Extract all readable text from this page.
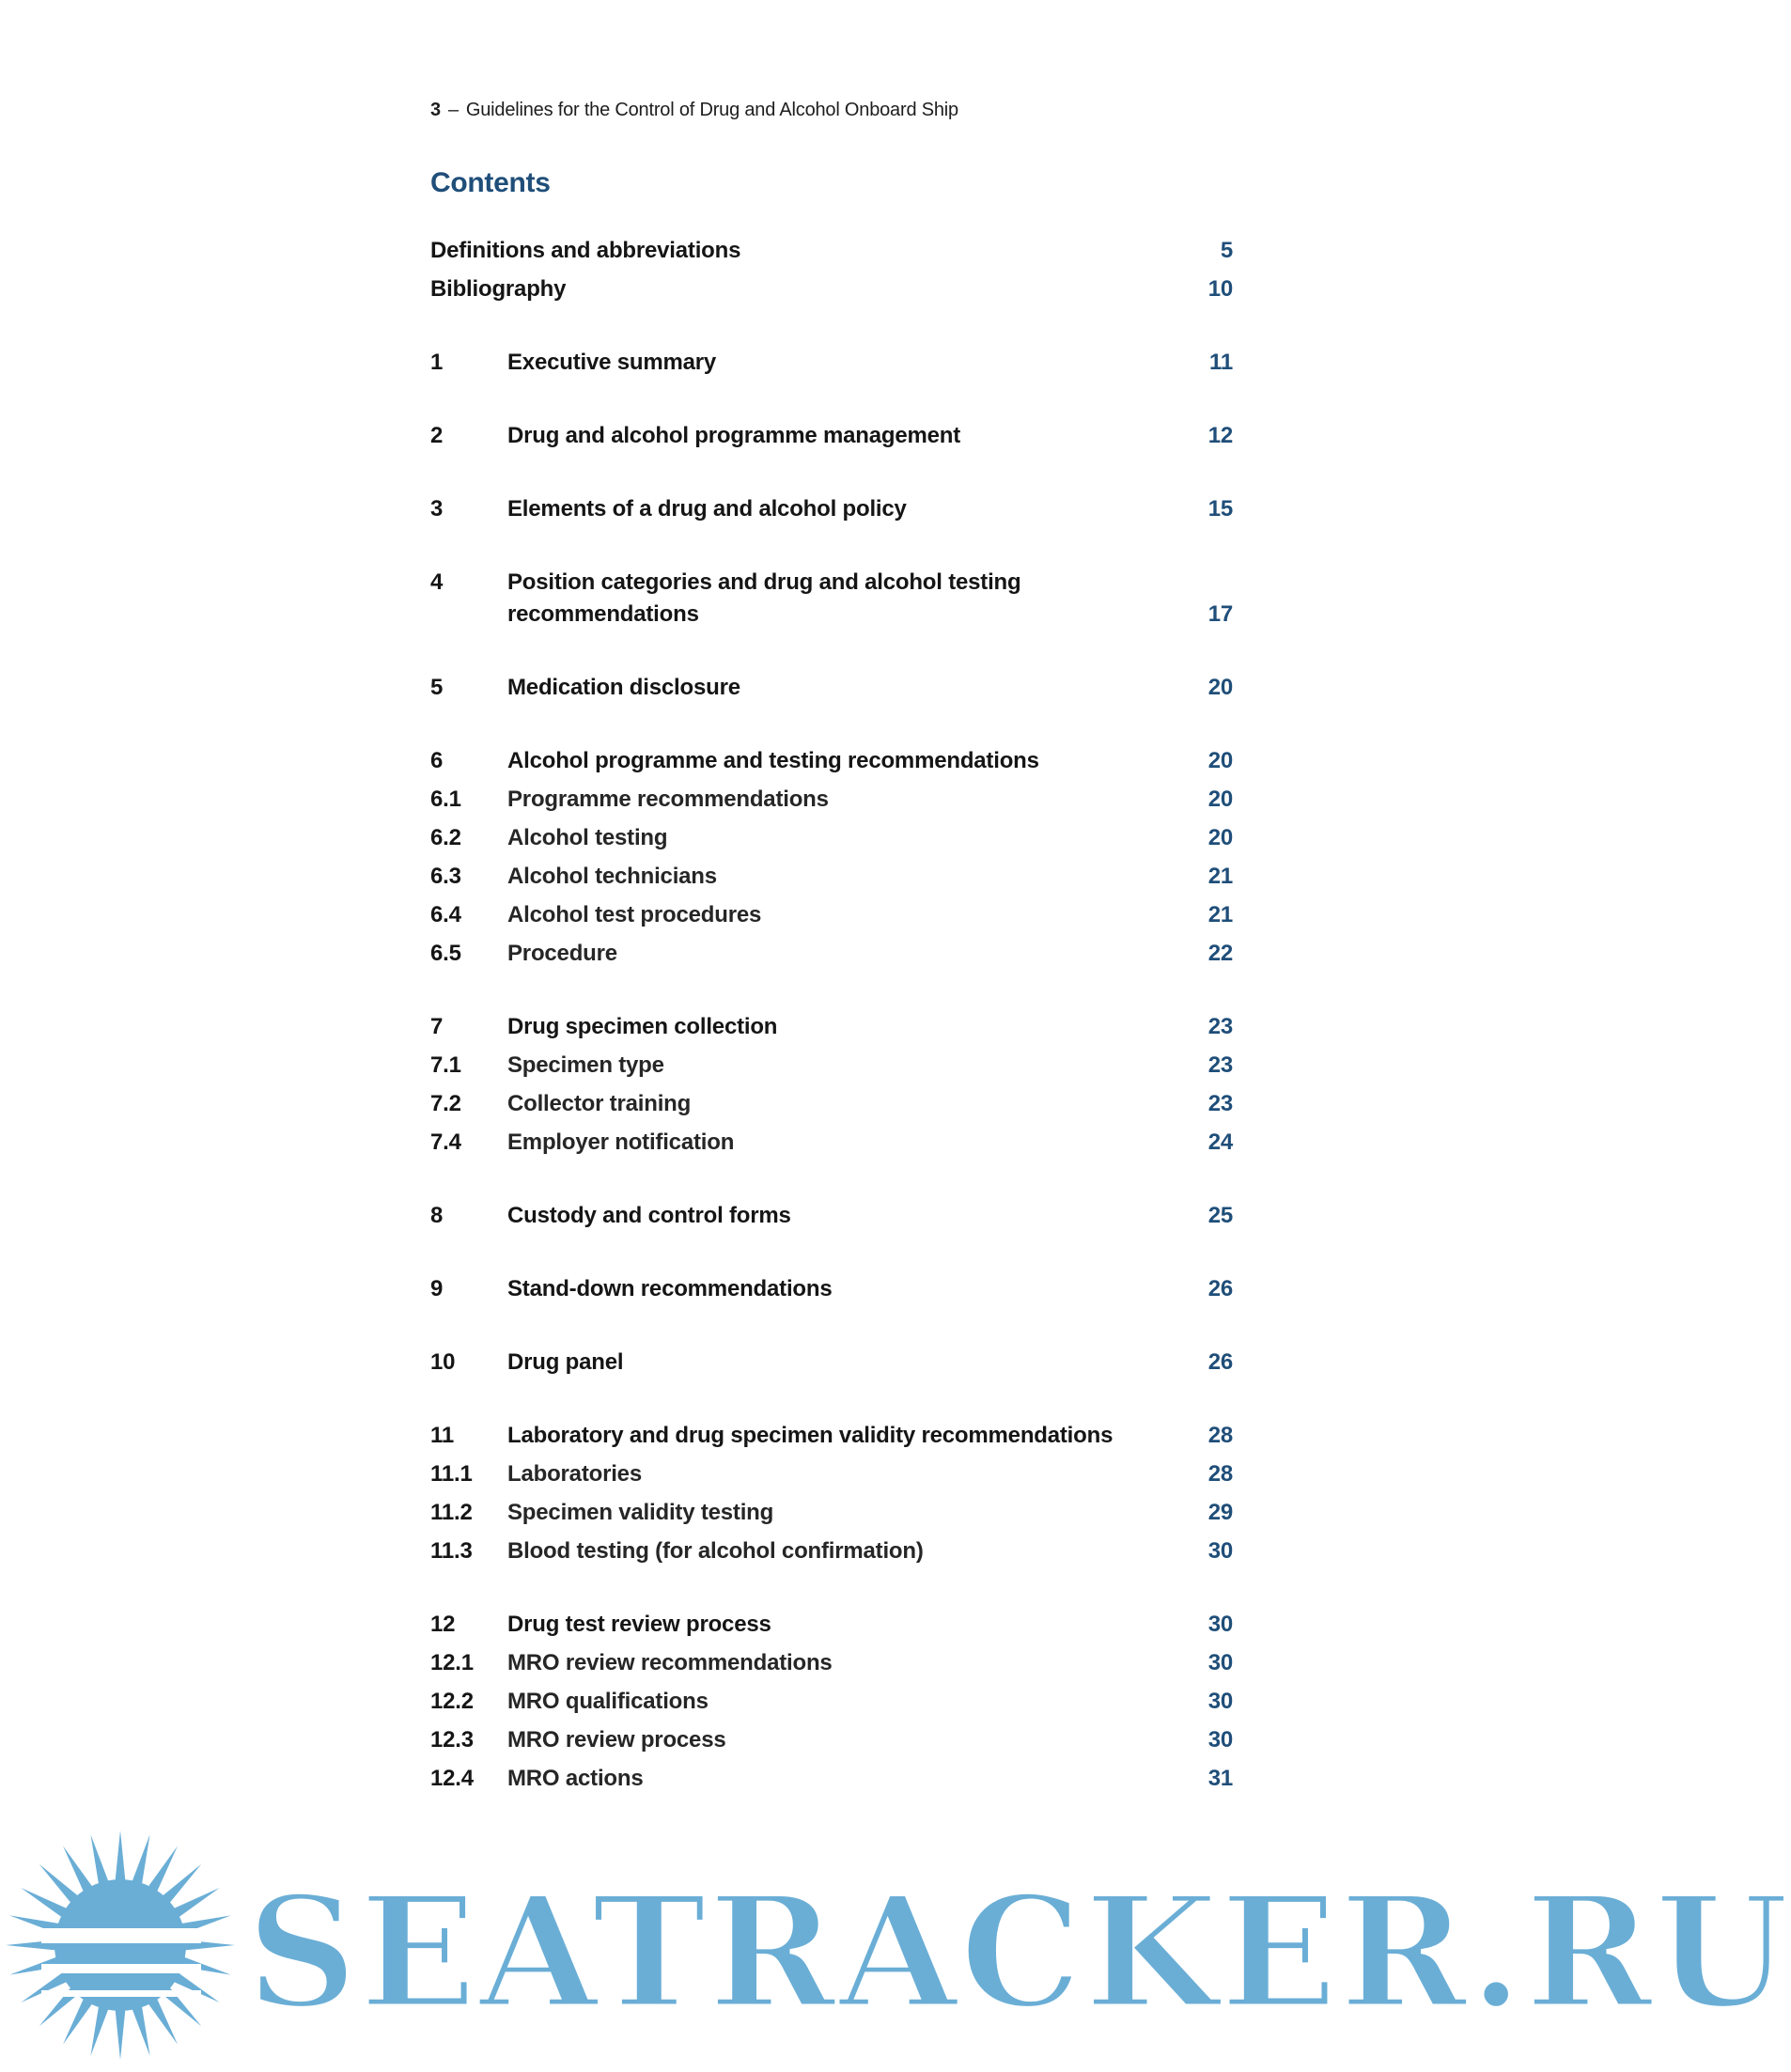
3 – Guidelines for the Control of Drug and Alcohol Onboard Ship
Contents
Definitions and abbreviations	5
Bibliography	10
1	Executive summary	11
2	Drug and alcohol programme management	12
3	Elements of a drug and alcohol policy	15
4	Position categories and drug and alcohol testing recommendations	17
5	Medication disclosure	20
6	Alcohol programme and testing recommendations	20
6.1 Programme recommendations	20
6.2 Alcohol testing	20
6.3 Alcohol technicians	21
6.4 Alcohol test procedures	21
6.5 Procedure	22
7	Drug specimen collection	23
7.1 Specimen type	23
7.2 Collector training	23
7.4 Employer notification	24
8	Custody and control forms	25
9	Stand-down recommendations	26
10 Drug panel	26
11 Laboratory and drug specimen validity recommendations	28
11.1 Laboratories	28
11.2 Specimen validity testing	29
11.3 Blood testing (for alcohol confirmation)	30
12 Drug test review process	30
12.1 MRO review recommendations	30
12.2 MRO qualifications	30
12.3 MRO review process	30
12.4 MRO actions	31
SEATRACKER.RU
